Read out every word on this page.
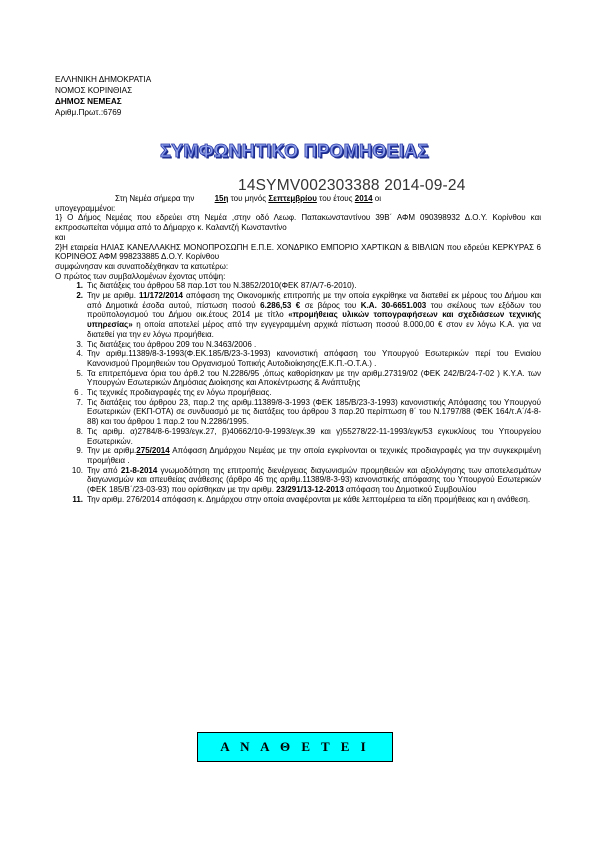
ΕΛΛΗΝΙΚΗ ΔΗΜΟΚΡΑΤΙΑ
ΝΟΜΟΣ ΚΟΡΙΝΘΙΑΣ
ΔΗΜΟΣ ΝΕΜΕΑΣ
Αριθμ.Πρωτ.:6769
ΣΥΜΦΩΝΗΤΙΚΟ ΠΡΟΜΗΘΕΙΑΣ
14SYMV002303388 2014-09-24

Στη Νεμέα σήμερα την	15η του μηνός Σεπτεμβρίου του έτους 2014 οι

υπογεγραμμένοι:

1} Ο Δήμος Νεμέας που εδρεύει στη Νεμέα ,στην οδό Λεωφ. Παπακωνσταντίνου 39Β΄ ΑΦΜ 090398932 Δ.Ο.Υ. Κορίνθου και εκπροσωπείται νόμιμα από το Δήμαρχο κ. Καλαντζή Κωνσταντίνο

και

2}Η εταιρεία ΗΛΙΑΣ ΚΑΝΕΛΛΑΚΗΣ ΜΟΝΟΠΡΟΣΩΠΗ Ε.Π.Ε. ΧΟΝΔΡΙΚΟ ΕΜΠΟΡΙΟ ΧΑΡΤΙΚΩΝ & ΒΙΒΛΙΩΝ που εδρεύει ΚΕΡΚΥΡΑΣ 6 ΚΟΡΙΝΘΟΣ ΑΦΜ 998233885 Δ.Ο.Υ. Κορίνθου

συμφώνησαν και συναποδέχθηκαν τα κατωτέρω:

Ο πρώτος των συμβαλλομένων έχοντας υπόψη:

1. Τις διατάξεις του άρθρου 58 παρ.1στ του Ν.3852/2010(ΦΕΚ 87/Α/7-6-2010).
2. Την με αριθμ. 11/172/2014 απόφαση της Οικονομικής επιτροπής με την οποία εγκρίθηκε να διατεθεί εκ μέρους του Δήμου και από Δημοτικά έσοδα αυτού, πίστωση ποσού 6.286,53 € σε βάρος του Κ.Α. 30-6651.003 του σκέλους των εξόδων του προϋπολογισμού του Δήμου οικ.έτους 2014 με τίτλο «προμήθειας υλικών τοπογραφήσεων και σχεδιάσεων τεχνικής υπηρεσίας» η οποία αποτελεί μέρος από την εγγεγραμμένη αρχικά πίστωση ποσού 8.000,00 € στον εν λόγω Κ.Α. για να διατεθεί για την εν λόγω προμήθεια.
3. Τις διατάξεις του άρθρου 209 του Ν.3463/2006 .
4. Την αριθμ.11389/8-3-1993(Φ.ΕΚ.185/Β/23-3-1993) κανονιστική απόφαση του Υπουργού Εσωτερικών περί του Ενιαίου Κανονισμού Προμηθειών του Οργανισμού Τοπικής Αυτοδιοίκησης(Ε.Κ.Π.-Ο.Τ.Α.) .
5. Τα επιτρεπόμενα όρια του άρθ.2 του Ν.2286/95 ,όπως καθορίσηκαν με την αριθμ.27319/02 (ΦΕΚ 242/Β/24-7-02 ) Κ.Υ.Α. των Υπουργών Εσωτερικών Δημόσιας Διοίκησης και Αποκέντρωσης & Ανάπτυξης
6 . Τις τεχνικές προδιαγραφές της εν λόγω προμήθειας.
7. Τις διατάξεις του άρθρου 23, παρ.2 της αριθμ.11389/8-3-1993 (ΦΕΚ 185/Β/23-3-1993) κανονιστικής Απόφασης του Υπουργού Εσωτερικών (ΕΚΠ-ΟΤΑ) σε συνδυασμό με τις διατάξεις του άρθρου 3 παρ.20 περίπτωση θ΄ του Ν.1797/88 (ΦΕΚ 164/τ.Α΄/4-8-88) και του άρθρου 1 παρ.2 του Ν.2286/1995.
8. Τις αριθμ. α)2784/8-6-1993/εγκ.27, β)40662/10-9-1993/εγκ.39 και γ)55278/22-11-1993/εγκ/53 εγκυκλίους του Υπουργείου Εσωτερικών.
9. Την με αριθμ.275/2014 Απόφαση Δημάρχου Νεμέας με την οποία εγκρίνονται οι τεχνικές προδιαγραφές για την συγκεκριμένη προμήθεια .
10. Την από 21-8-2014 γνωμοδότηση της επιτροπής διενέργειας διαγωνισμών προμηθειών και αξιολόγησης των αποτελεσμάτων διαγωνισμών και απευθείας ανάθεσης (άρθρο 46 της αριθμ.11389/8-3-93) κανονιστικής απόφασης του Υπουργού Εσωτερικών (ΦΕΚ 185/Β΄/23-03-93) που ορίσθηκαν με την αριθμ. 23/291/13-12-2013 απόφαση του Δημοτικού Συμβουλίου
11. Την αριθμ. 276/2014 απόφαση κ. Δημάρχου στην οποία αναφέρονται με κάθε λεπτομέρεια τα είδη προμήθειας και η ανάθεση.
Α Ν Α Θ Ε Τ Ε Ι
